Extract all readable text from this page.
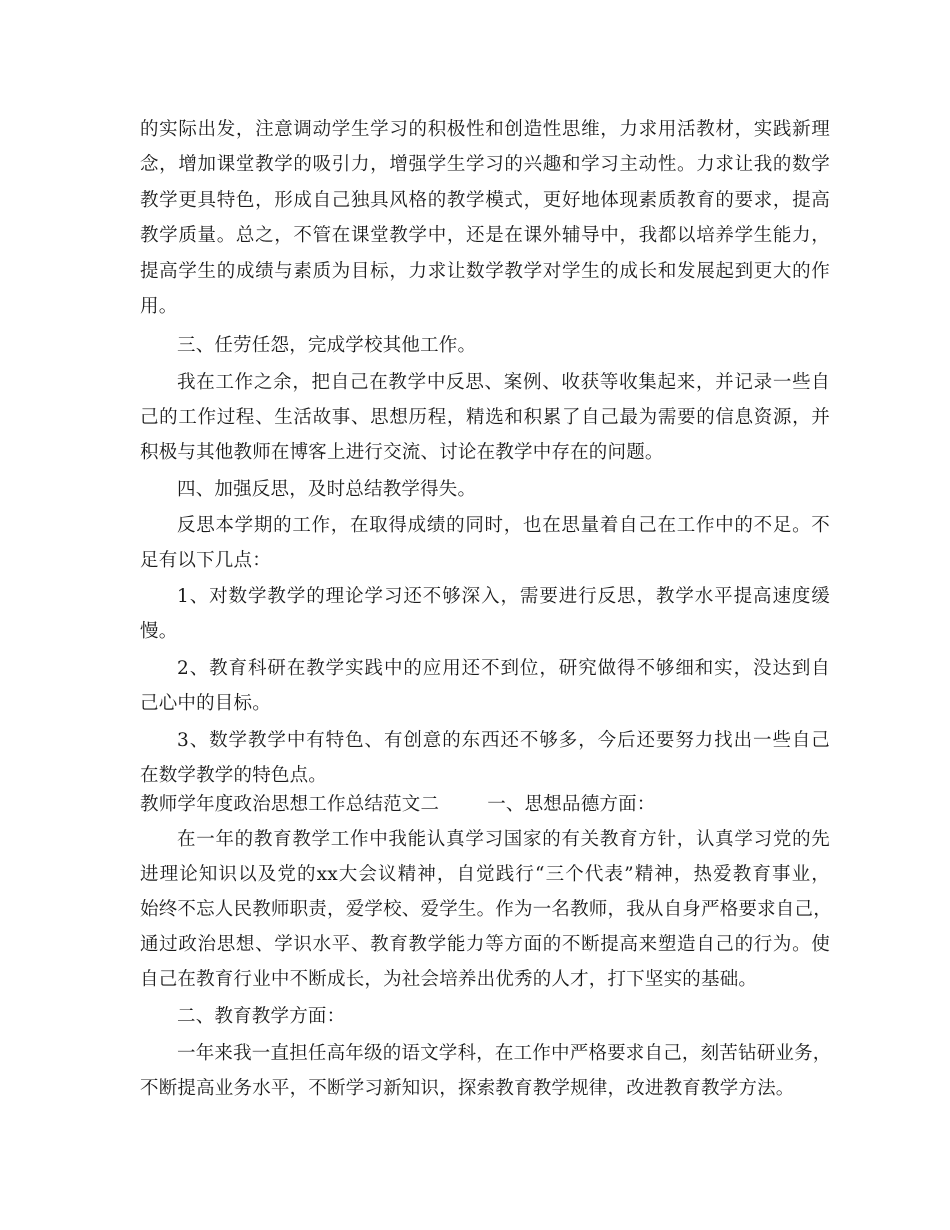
的实际出发，注意调动学生学习的积极性和创造性思维，力求用活教材，实践新理
念，增加课堂教学的吸引力，增强学生学习的兴趣和学习主动性。力求让我的数学
教学更具特色，形成自己独具风格的教学模式，更好地体现素质教育的要求，提高
教学质量。总之，不管在课堂教学中，还是在课外辅导中，我都以培养学生能力，
提高学生的成绩与素质为目标，力求让数学教学对学生的成长和发展起到更大的作
用。
三、任劳任怨，完成学校其他工作。
我在工作之余，把自己在教学中反思、案例、收获等收集起来，并记录一些自
己的工作过程、生活故事、思想历程，精选和积累了自己最为需要的信息资源，并
积极与其他教师在博客上进行交流、讨论在教学中存在的问题。
四、加强反思，及时总结教学得失。
反思本学期的工作，在取得成绩的同时，也在思量着自己在工作中的不足。不
足有以下几点：
1、对数学教学的理论学习还不够深入，需要进行反思，教学水平提高速度缓
慢。
2、教育科研在教学实践中的应用还不到位，研究做得不够细和实，没达到自
己心中的目标。
3、数学教学中有特色、有创意的东西还不够多，今后还要努力找出一些自己
在数学教学的特色点。
教师学年度政治思想工作总结范文二	一、思想品德方面：
在一年的教育教学工作中我能认真学习国家的有关教育方针，认真学习党的先
进理论知识以及党的xx大会议精神，自觉践行“三个代表”精神，热爱教育事业，
始终不忘人民教师职责，爱学校、爱学生。作为一名教师，我从自身严格要求自己，
通过政治思想、学识水平、教育教学能力等方面的不断提高来塑造自己的行为。使
自己在教育行业中不断成长，为社会培养出优秀的人才，打下坚实的基础。
二、教育教学方面：
一年来我一直担任高年级的语文学科，在工作中严格要求自己，刻苦钻研业务，
不断提高业务水平，不断学习新知识，探索教育教学规律，改进教育教学方法。
